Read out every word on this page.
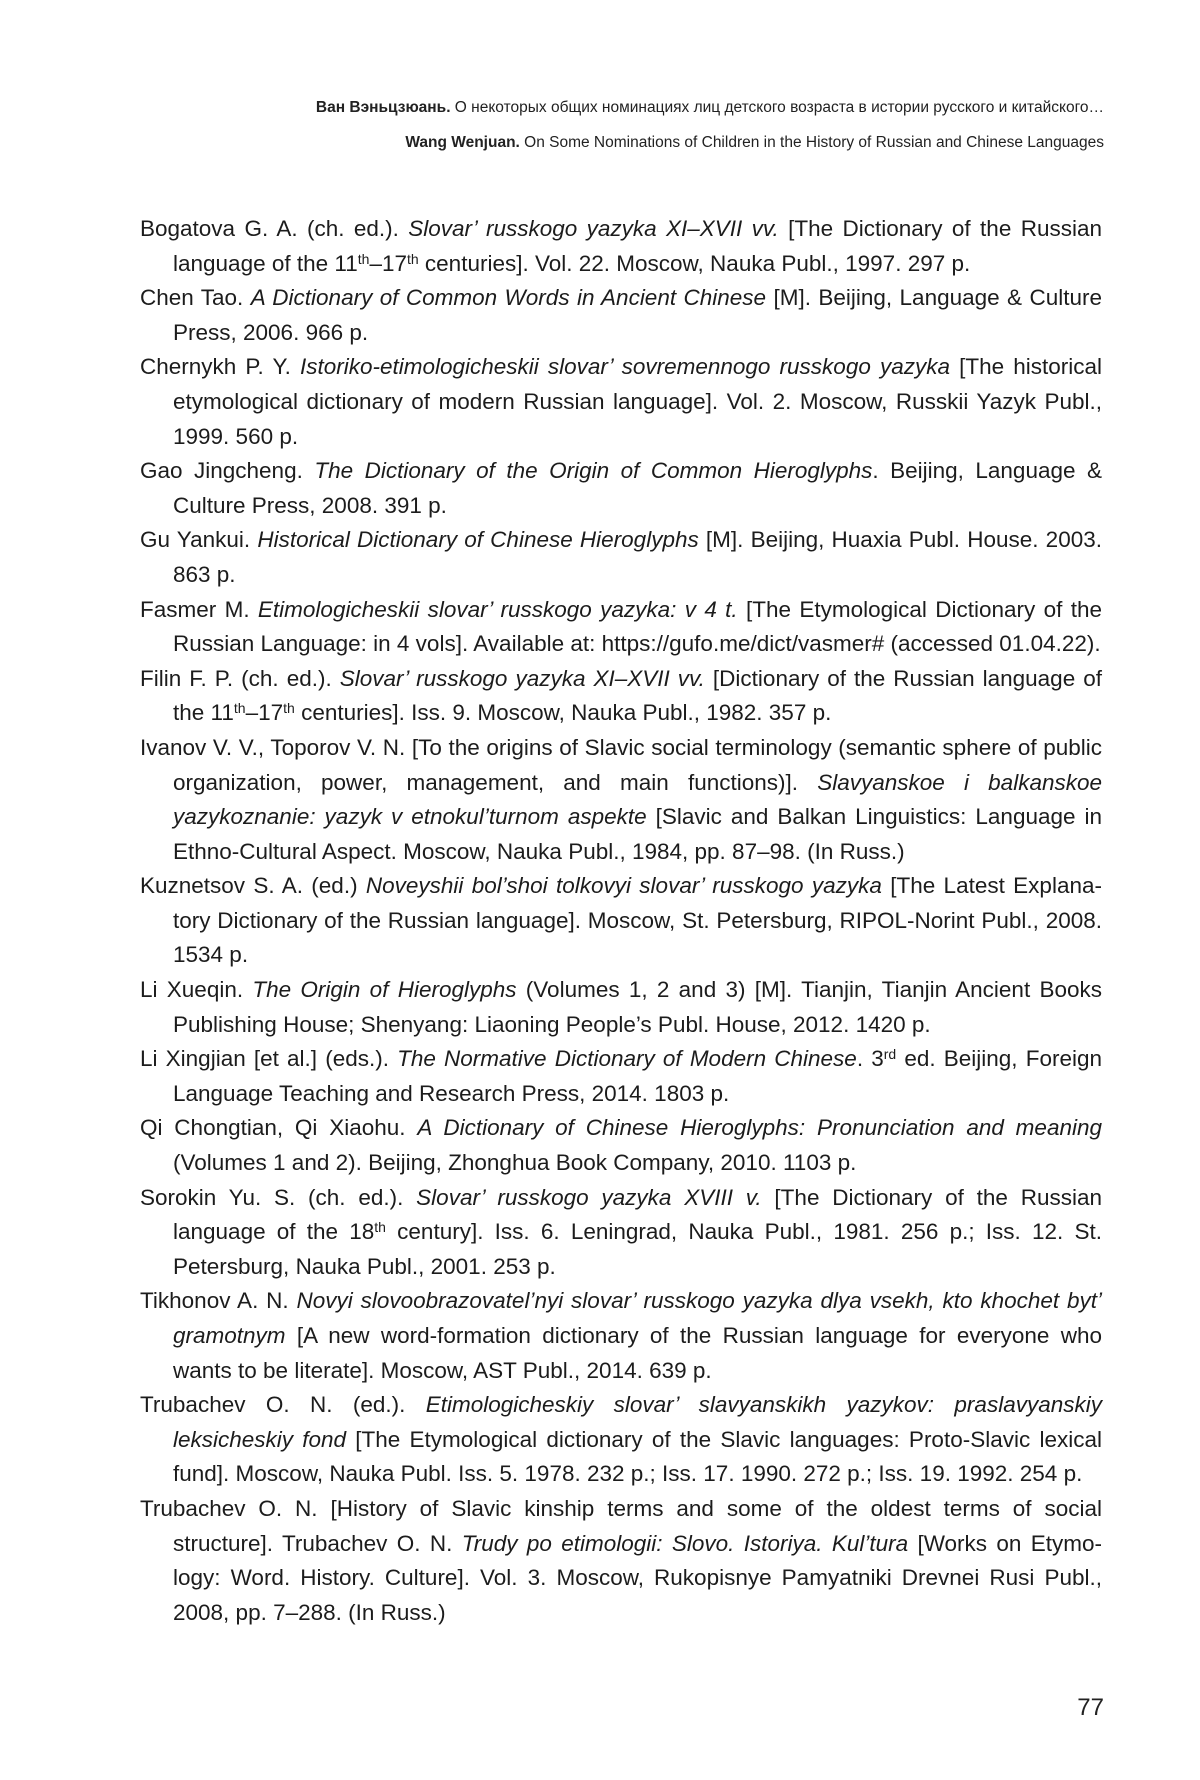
Ван Вэньцзюань. О некоторых общих номинациях лиц детского возраста в истории русского и китайского…
Wang Wenjuan. On Some Nominations of Children in the History of Russian and Chinese Languages

Bogatova G. A. (ch. ed.). Slovar’ russkogo yazyka XI–XVII vv. [The Dictionary of the Russian language of the 11th–17th centuries]. Vol. 22. Moscow, Nauka Publ., 1997. 297 p.

Chen Tao. A Dictionary of Common Words in Ancient Chinese [M]. Beijing, Language & Culture Press, 2006. 966 p.

Chernykh P. Y. Istoriko-etimologicheskii slovar’ sovremennogo russkogo yazyka [The historical etymological dictionary of modern Russian language]. Vol. 2. Moscow, Russkii Yazyk Publ., 1999. 560 p.

Gao Jingcheng. The Dictionary of the Origin of Common Hieroglyphs. Beijing, Language & Culture Press, 2008. 391 p.

Gu Yankui. Historical Dictionary of Chinese Hieroglyphs [M]. Beijing, Huaxia Publ. House. 2003. 863 p.

Fasmer M. Etimologicheskii slovar’ russkogo yazyka: v 4 t. [The Etymological Dictionary of the Russian Language: in 4 vols]. Available at: https://gufo.me/dict/vasmer# (accessed 01.04.22).

Filin F. P. (ch. ed.). Slovar’ russkogo yazyka XI–XVII vv. [Dictionary of the Russian language of the 11th–17th centuries]. Iss. 9. Moscow, Nauka Publ., 1982. 357 p.

Ivanov V. V., Toporov V. N. [To the origins of Slavic social terminology (semantic sphere of public organization, power, management, and main functions)]. Slavyanskoe i balkanskoe yazykoznanie: yazyk v etnokul’turnom aspekte [Slavic and Balkan Linguistics: Language in Ethno-Cultural Aspect. Moscow, Nauka Publ., 1984, pp. 87–98. (In Russ.)

Kuznetsov S. A. (ed.) Noveyshii bol’shoi tolkovyi slovar’ russkogo yazyka [The Latest Explanatory Dictionary of the Russian language]. Moscow, St. Petersburg, RIPOL-Norint Publ., 2008. 1534 p.

Li Xueqin. The Origin of Hieroglyphs (Volumes 1, 2 and 3) [M]. Tianjin, Tianjin Ancient Books Publishing House; Shenyang: Liaoning People’s Publ. House, 2012. 1420 p.

Li Xingjian [et al.] (eds.). The Normative Dictionary of Modern Chinese. 3rd ed. Beijing, Foreign Language Teaching and Research Press, 2014. 1803 p.

Qi Chongtian, Qi Xiaohu. A Dictionary of Chinese Hieroglyphs: Pronunciation and meaning (Volumes 1 and 2). Beijing, Zhonghua Book Company, 2010. 1103 p.

Sorokin Yu. S. (ch. ed.). Slovar’ russkogo yazyka XVIII v. [The Dictionary of the Russian language of the 18th century]. Iss. 6. Leningrad, Nauka Publ., 1981. 256 p.; Iss. 12. St. Petersburg, Nauka Publ., 2001. 253 p.

Tikhonov A. N. Novyi slovoobrazovatel’nyi slovar’ russkogo yazyka dlya vsekh, kto khochet byt’ gramotnym [A new word-formation dictionary of the Russian language for everyone who wants to be literate]. Moscow, AST Publ., 2014. 639 p.

Trubachev O. N. (ed.). Etimologicheskiy slovar’ slavyanskikh yazykov: praslavyanskiy leksicheskiy fond [The Etymological dictionary of the Slavic languages: Proto-Slavic lexical fund]. Moscow, Nauka Publ. Iss. 5. 1978. 232 p.; Iss. 17. 1990. 272 p.; Iss. 19. 1992. 254 p.

Trubachev O. N. [History of Slavic kinship terms and some of the oldest terms of social structure]. Trubachev O. N. Trudy po etimologii: Slovo. Istoriya. Kul’tura [Works on Etymology: Word. History. Culture]. Vol. 3. Moscow, Rukopisnye Pamyatniki Drevnei Rusi Publ., 2008, pp. 7–288. (In Russ.)

77
